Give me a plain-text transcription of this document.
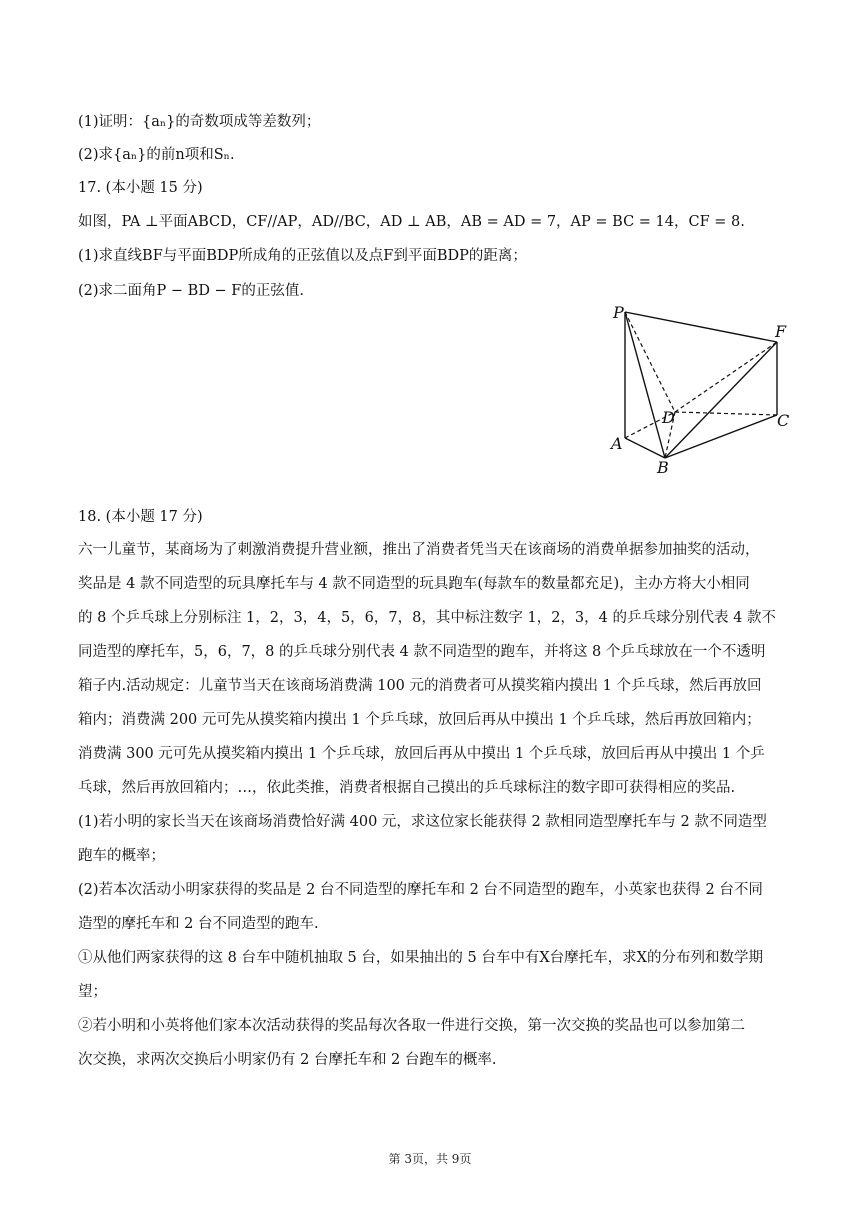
(1)证明：{aₙ}的奇数项成等差数列；
(2)求{aₙ}的前n项和Sₙ.
17. (本小题 15 分)
如图，PA ⊥平面ABCD，CF//AP，AD//BC，AD ⊥ AB，AB = AD = 7，AP = BC = 14，CF = 8.
(1)求直线BF与平面BDP所成角的正弦值以及点F到平面BDP的距离；
(2)求二面角P − BD − F的正弦值.
P
F
D	C
A
B
18. (本小题 17 分)
六一儿童节，某商场为了刺激消费提升营业额，推出了消费者凭当天在该商场的消费单据参加抽奖的活动，
奖品是 4 款不同造型的玩具摩托车与 4 款不同造型的玩具跑车(每款车的数量都充足)，主办方将大小相同
的 8 个乒乓球上分别标注 1，2，3，4，5，6，7，8，其中标注数字 1，2，3，4 的乒乓球分别代表 4 款不
同造型的摩托车，5，6，7，8 的乒乓球分别代表 4 款不同造型的跑车，并将这 8 个乒乓球放在一个不透明
箱子内.活动规定：儿童节当天在该商场消费满 100 元的消费者可从摸奖箱内摸出 1 个乒乓球，然后再放回
箱内；消费满 200 元可先从摸奖箱内摸出 1 个乒乓球，放回后再从中摸出 1 个乒乓球，然后再放回箱内；
消费满 300 元可先从摸奖箱内摸出 1 个乒乓球，放回后再从中摸出 1 个乒乓球，放回后再从中摸出 1 个乒
乓球，然后再放回箱内；…，依此类推，消费者根据自己摸出的乒乓球标注的数字即可获得相应的奖品.
(1)若小明的家长当天在该商场消费恰好满 400 元，求这位家长能获得 2 款相同造型摩托车与 2 款不同造型
跑车的概率；
(2)若本次活动小明家获得的奖品是 2 台不同造型的摩托车和 2 台不同造型的跑车，小英家也获得 2 台不同
造型的摩托车和 2 台不同造型的跑车.
①从他们两家获得的这 8 台车中随机抽取 5 台，如果抽出的 5 台车中有X台摩托车，求X的分布列和数学期
望；
②若小明和小英将他们家本次活动获得的奖品每次各取一件进行交换，第一次交换的奖品也可以参加第二
次交换，求两次交换后小明家仍有 2 台摩托车和 2 台跑车的概率.
第 3页，共 9页
